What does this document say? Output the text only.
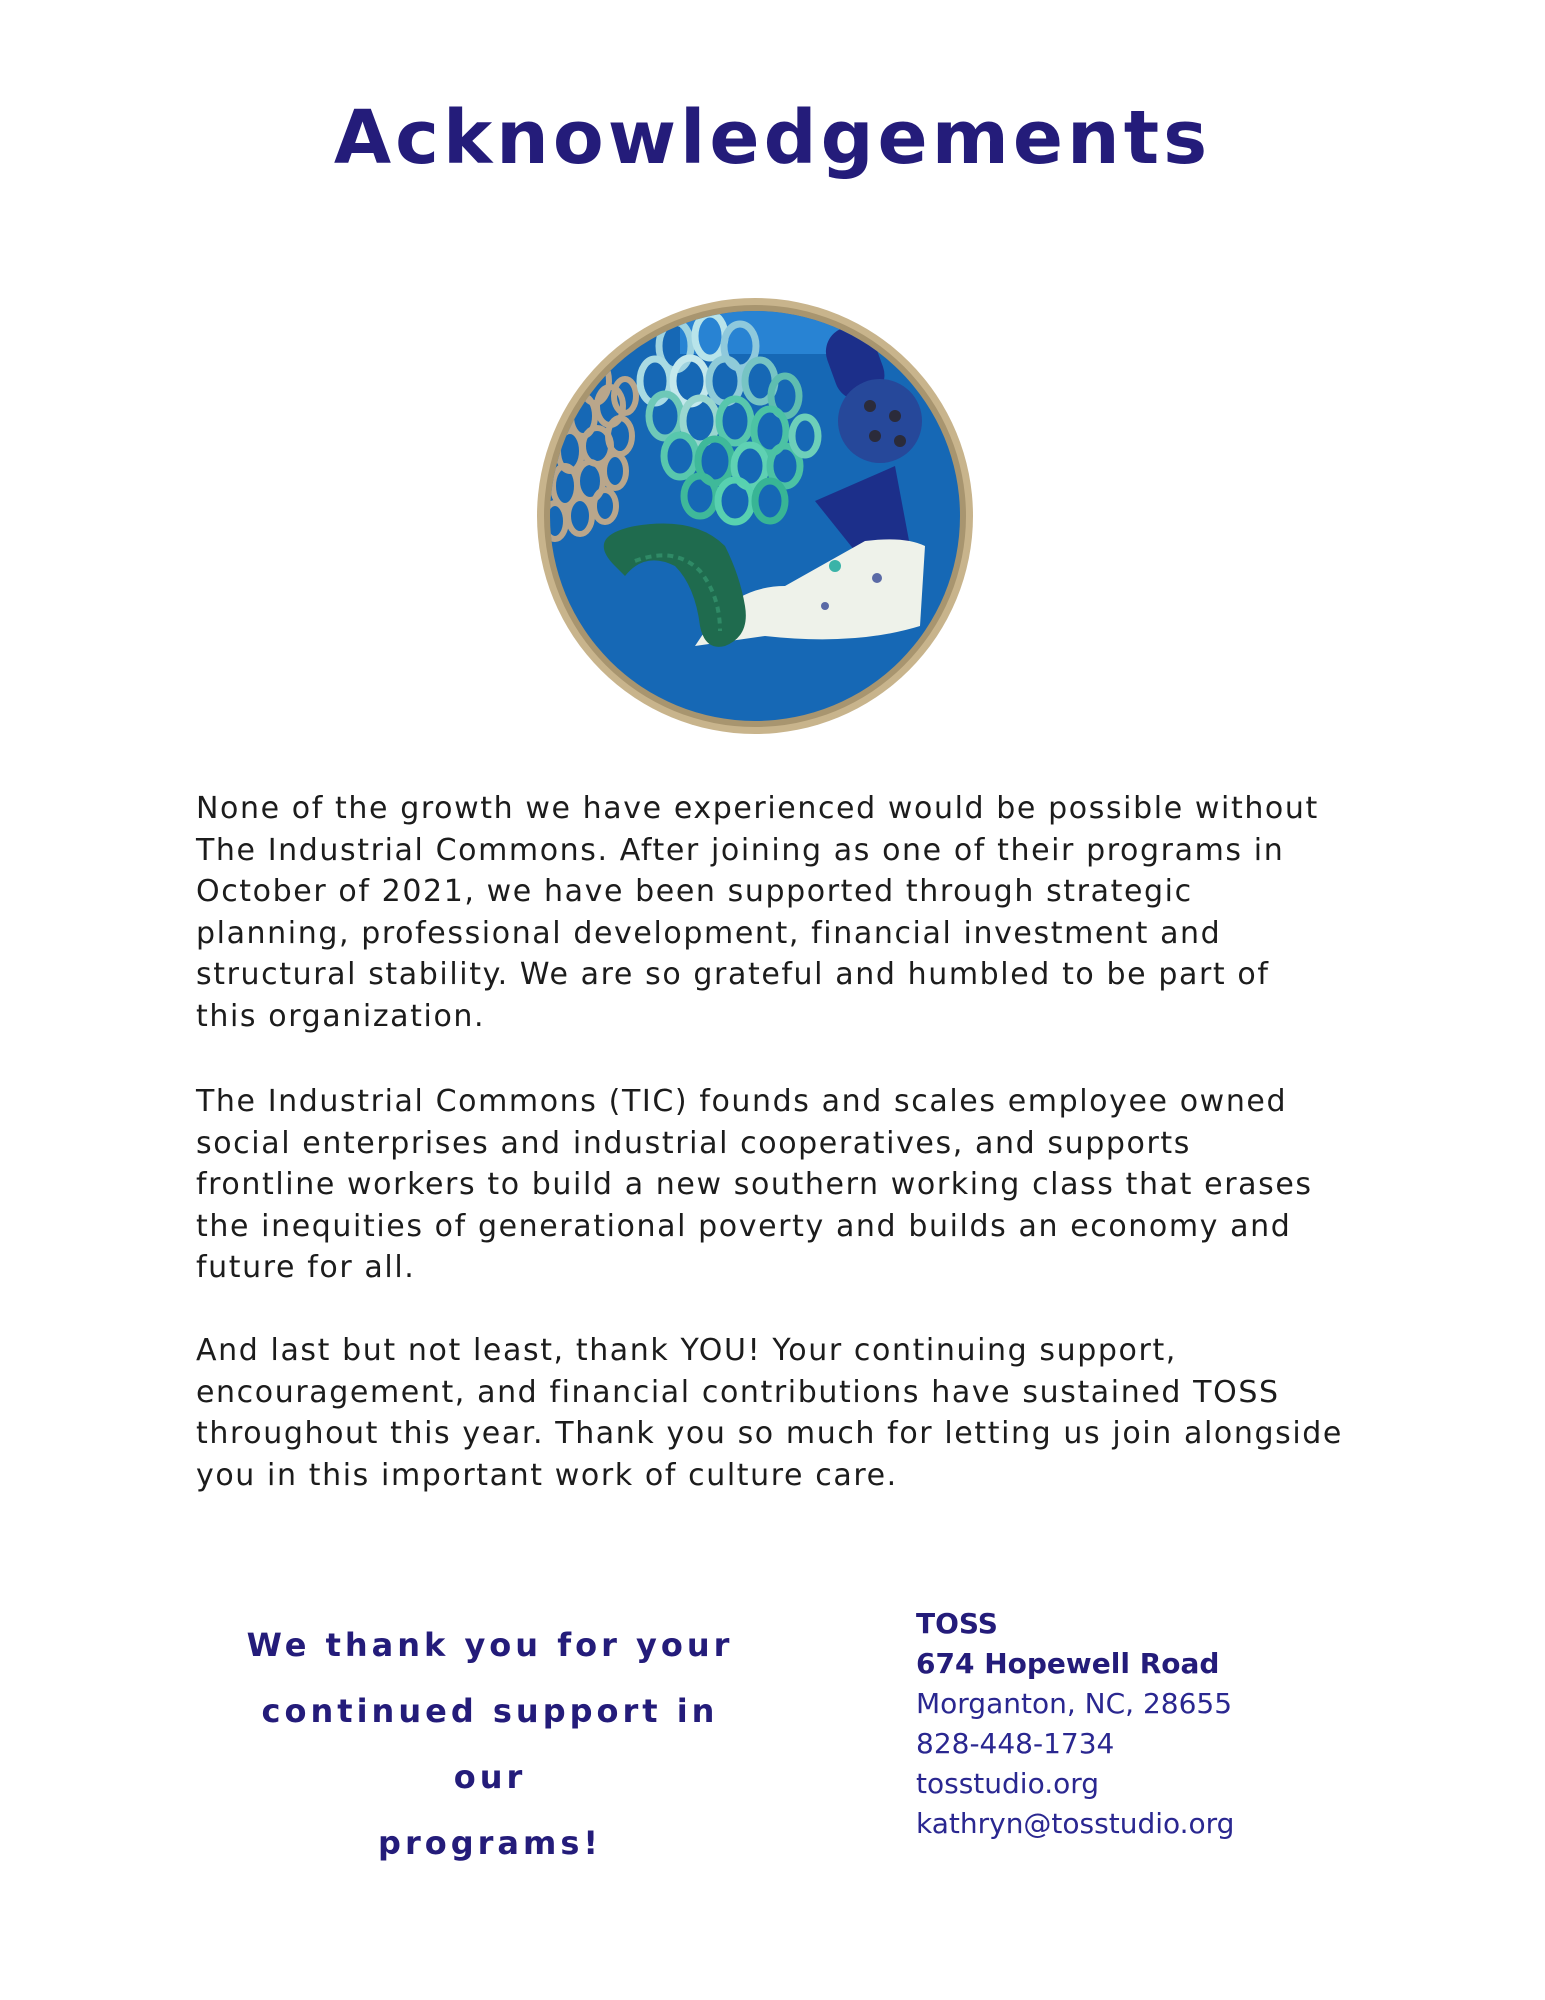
Acknowledgements

None of the growth we have experienced would be possible without
The Industrial Commons. After joining as one of their programs in
October of 2021, we have been supported through strategic
planning, professional development, financial investment and
structural stability. We are so grateful and humbled to be part of
this organization.

The Industrial Commons (TIC) founds and scales employee owned
social enterprises and industrial cooperatives, and supports
frontline workers to build a new southern working class that erases
the inequities of generational poverty and builds an economy and
future for all.

And last but not least, thank YOU! Your continuing support,
encouragement, and financial contributions have sustained TOSS
throughout this year. Thank you so much for letting us join alongside
you in this important work of culture care.

We thank you for your
continued support in our
programs!

TOSS
674 Hopewell Road
Morganton, NC, 28655
828-448-1734
tosstudio.org
kathryn@tosstudio.org
